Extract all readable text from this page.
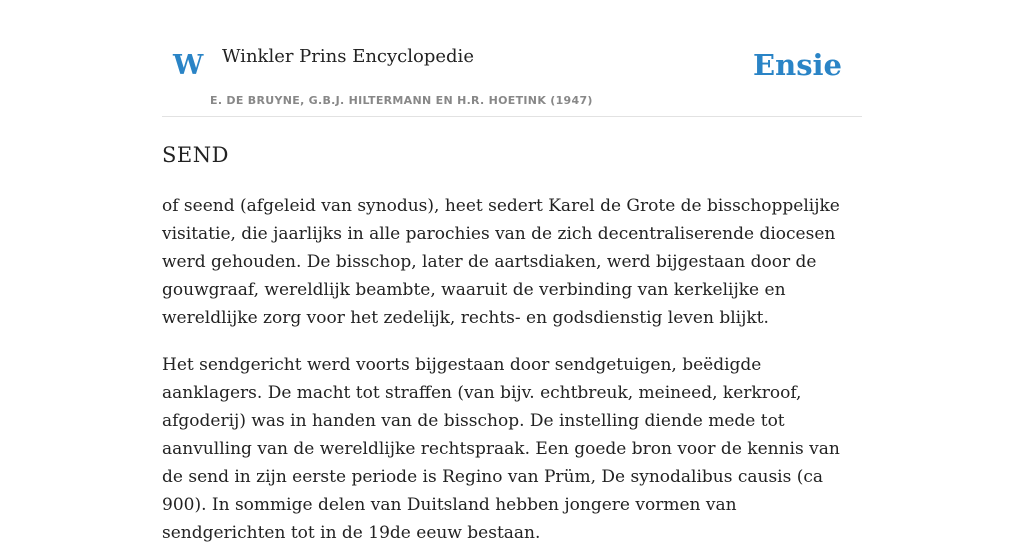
W Winkler Prins Encyclopedie
E. DE BRUYNE, G.B.J. HILTERMANN EN H.R. HOETINK (1947)
Ensie
SEND

of seend (afgeleid van synodus), heet sedert Karel de Grote de bisschoppelijke visitatie, die jaarlijks in alle parochies van de zich decentraliserende diocesen werd gehouden. De bisschop, later de aartsdiaken, werd bijgestaan door de gouwgraaf, wereldlijk beambte, waaruit de verbinding van kerkelijke en wereldlijke zorg voor het zedelijk, rechts- en godsdienstig leven blijkt.

Het sendgericht werd voorts bijgestaan door sendgetuigen, beëdigde aanklagers. De macht tot straffen (van bijv. echtbreuk, meineed, kerkroof, afgoderij) was in handen van de bisschop. De instelling diende mede tot aanvulling van de wereldlijke rechtspraak. Een goede bron voor de kennis van de send in zijn eerste periode is Regino van Prüm, De synodalibus causis (ca 900). In sommige delen van Duitsland hebben jongere vormen van sendgerichten tot in de 19de eeuw bestaan.
